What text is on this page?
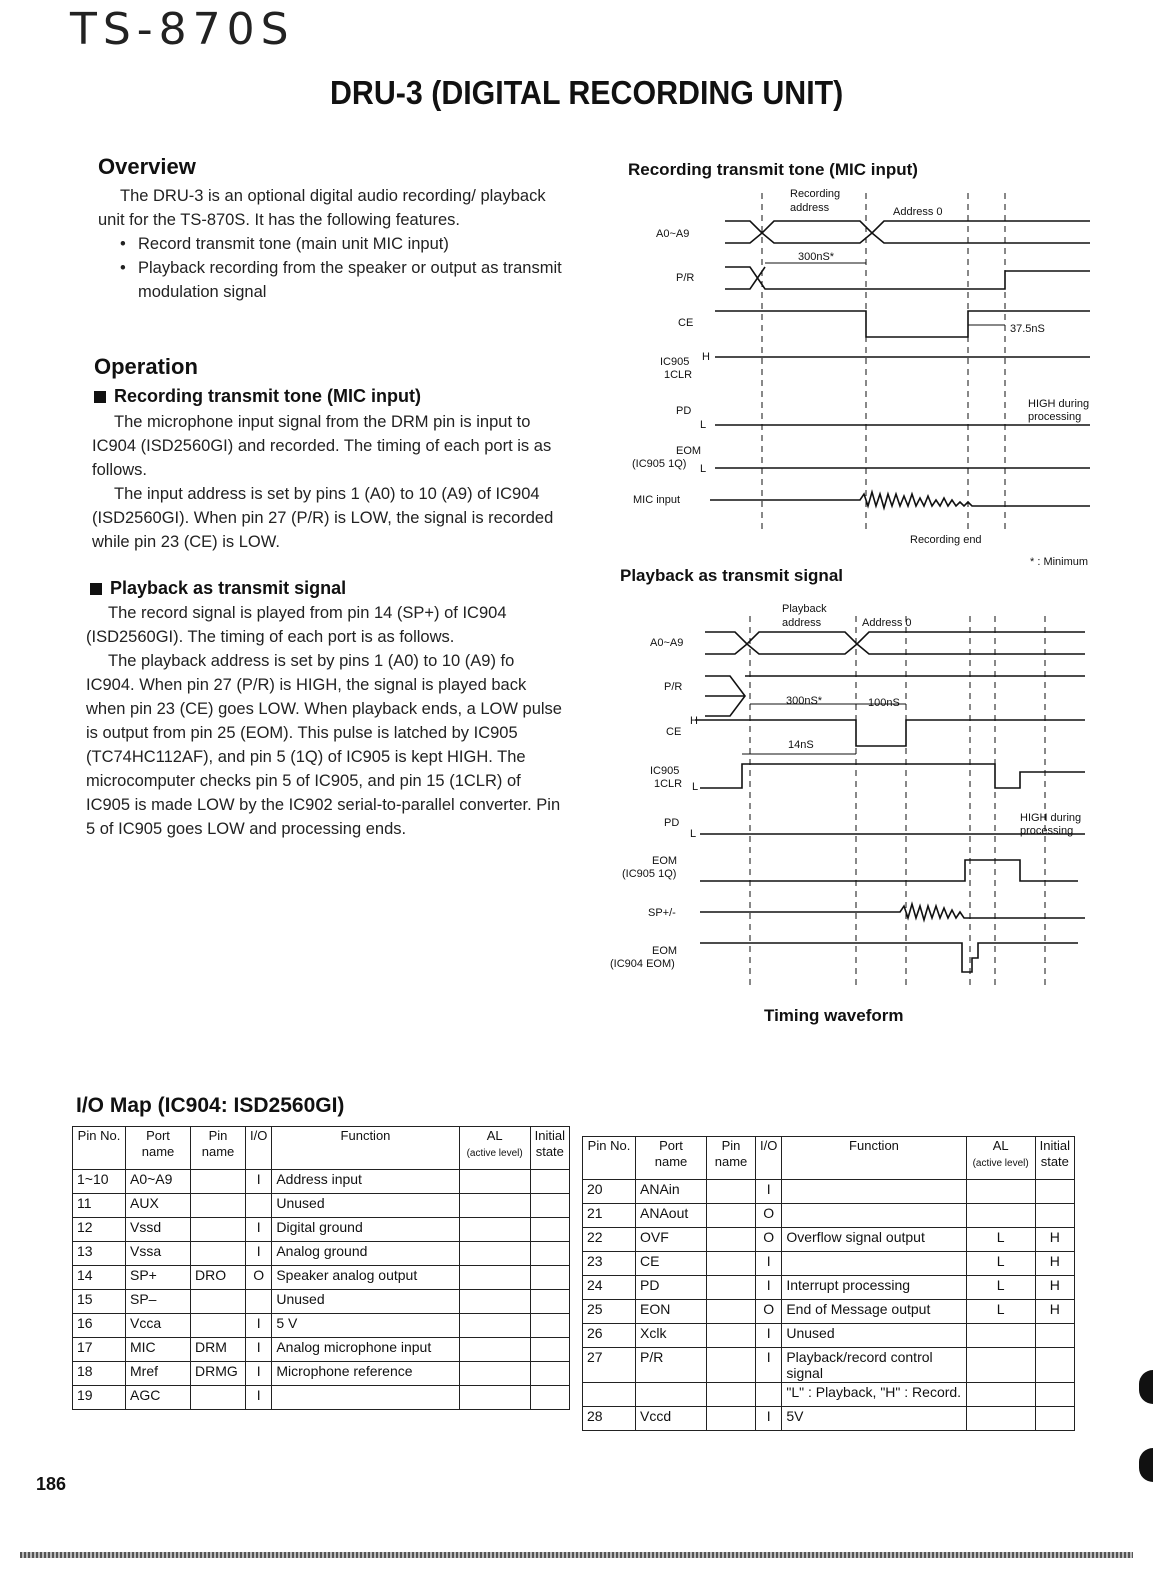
TS-870S
DRU-3 (DIGITAL RECORDING UNIT)
Overview

The DRU-3 is an optional digital audio recording/ playback unit for the TS-870S. It has the following features.

• Record transmit tone (main unit MIC input)
• Playback recording from the speaker or output as transmit modulation signal
Operation
Recording transmit tone (MIC input)

The microphone input signal from the DRM pin is input to IC904 (ISD2560GI) and recorded. The timing of each port is as follows.

The input address is set by pins 1 (A0) to 10 (A9) of IC904 (ISD2560GI). When pin 27 (P/R) is LOW, the signal is recorded while pin 23 (CE) is LOW.

Playback as transmit signal

The record signal is played from pin 14 (SP+) of IC904 (ISD2560GI). The timing of each port is as follows.

The playback address is set by pins 1 (A0) to 10 (A9) fo IC904. When pin 27 (P/R) is HIGH, the signal is played back when pin 23 (CE) goes LOW. When playback ends, a LOW pulse is output from pin 25 (EOM). This pulse is latched by IC905 (TC74HC112AF), and pin 5 (1Q) of IC905 is kept HIGH. The microcomputer checks pin 5 of IC905, and pin 15 (1CLR) of IC905 is made LOW by the IC902 serial-to-parallel converter. Pin 5 of IC905 goes LOW and processing ends.

Recording transmit tone (MIC input)
Recording
address	Address 0
300nS*
37.5nS
A0~A9
P/R
CE
IC905
1CLR
H
PD
L
EOM
(IC905 1Q) L
MIC input
HIGH during
processing
Recording end
* : Minimum
Playback as transmit signal
Playback
address	Address 0
300nS*	100nS
14nS
A0~A9
P/R
H
CE
IC905
1CLR L
PD
L
EOM
(IC905 1Q)
SP+/-
EOM
(IC904 EOM)
HIGH during
processing
Timing waveform
I/O Map (IC904: ISD2560GI)
Pin No.	Port
name	Pin
name	I/O	Function	AL
(active level)	Initial
state
1~10	A0~A9		I	Address input		
11	AUX			Unused		
12	Vssd		I	Digital ground		
13	Vssa		I	Analog ground		
14	SP+	DRO	O	Speaker analog output		
15	SP–			Unused		
16	Vcca		I	5 V		
17	MIC	DRM	I	Analog microphone input		
18	Mref	DRMG	I	Microphone reference		
19	AGC		I			
Pin No.	Port
name	Pin
name	I/O	Function	AL
(active level)	Initial
state
20	ANAin		I			
21	ANAout		O			
22	OVF		O	Overflow signal output	L	H
23	CE		I		L	H
24	PD		I	Interrupt processing	L	H
25	EON		O	End of Message output	L	H
26	Xclk		I	Unused		
27	P/R		I	Playback/record control signal		
				"L" : Playback, "H" : Record.		
28	Vccd		I	5V		
186
